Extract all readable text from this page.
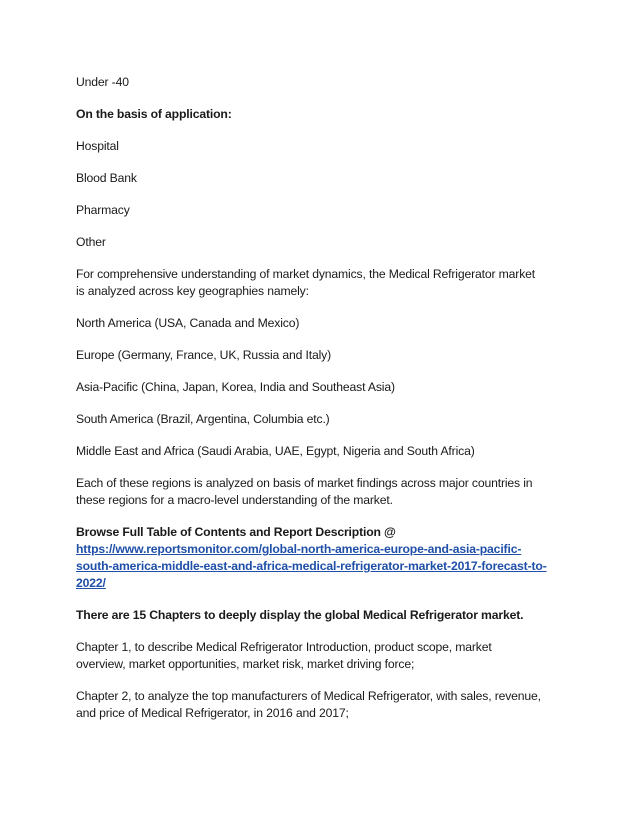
Under -40

On the basis of application:

Hospital

Blood Bank

Pharmacy

Other

For comprehensive understanding of market dynamics, the Medical Refrigerator market

is analyzed across key geographies namely:

North America (USA, Canada and Mexico)

Europe (Germany, France, UK, Russia and Italy)

Asia-Pacific (China, Japan, Korea, India and Southeast Asia)

South America (Brazil, Argentina, Columbia etc.)

Middle East and Africa (Saudi Arabia, UAE, Egypt, Nigeria and South Africa)

Each of these regions is analyzed on basis of market findings across major countries in

these regions for a macro-level understanding of the market.

Browse Full Table of Contents and Report Description @

https://www.reportsmonitor.com/global-north-america-europe-and-asia-pacific-

south-america-middle-east-and-africa-medical-refrigerator-market-2017-forecast-to-

2022/

There are 15 Chapters to deeply display the global Medical Refrigerator market.

Chapter 1, to describe Medical Refrigerator Introduction, product scope, market

overview, market opportunities, market risk, market driving force;

Chapter 2, to analyze the top manufacturers of Medical Refrigerator, with sales, revenue,

and price of Medical Refrigerator, in 2016 and 2017;
